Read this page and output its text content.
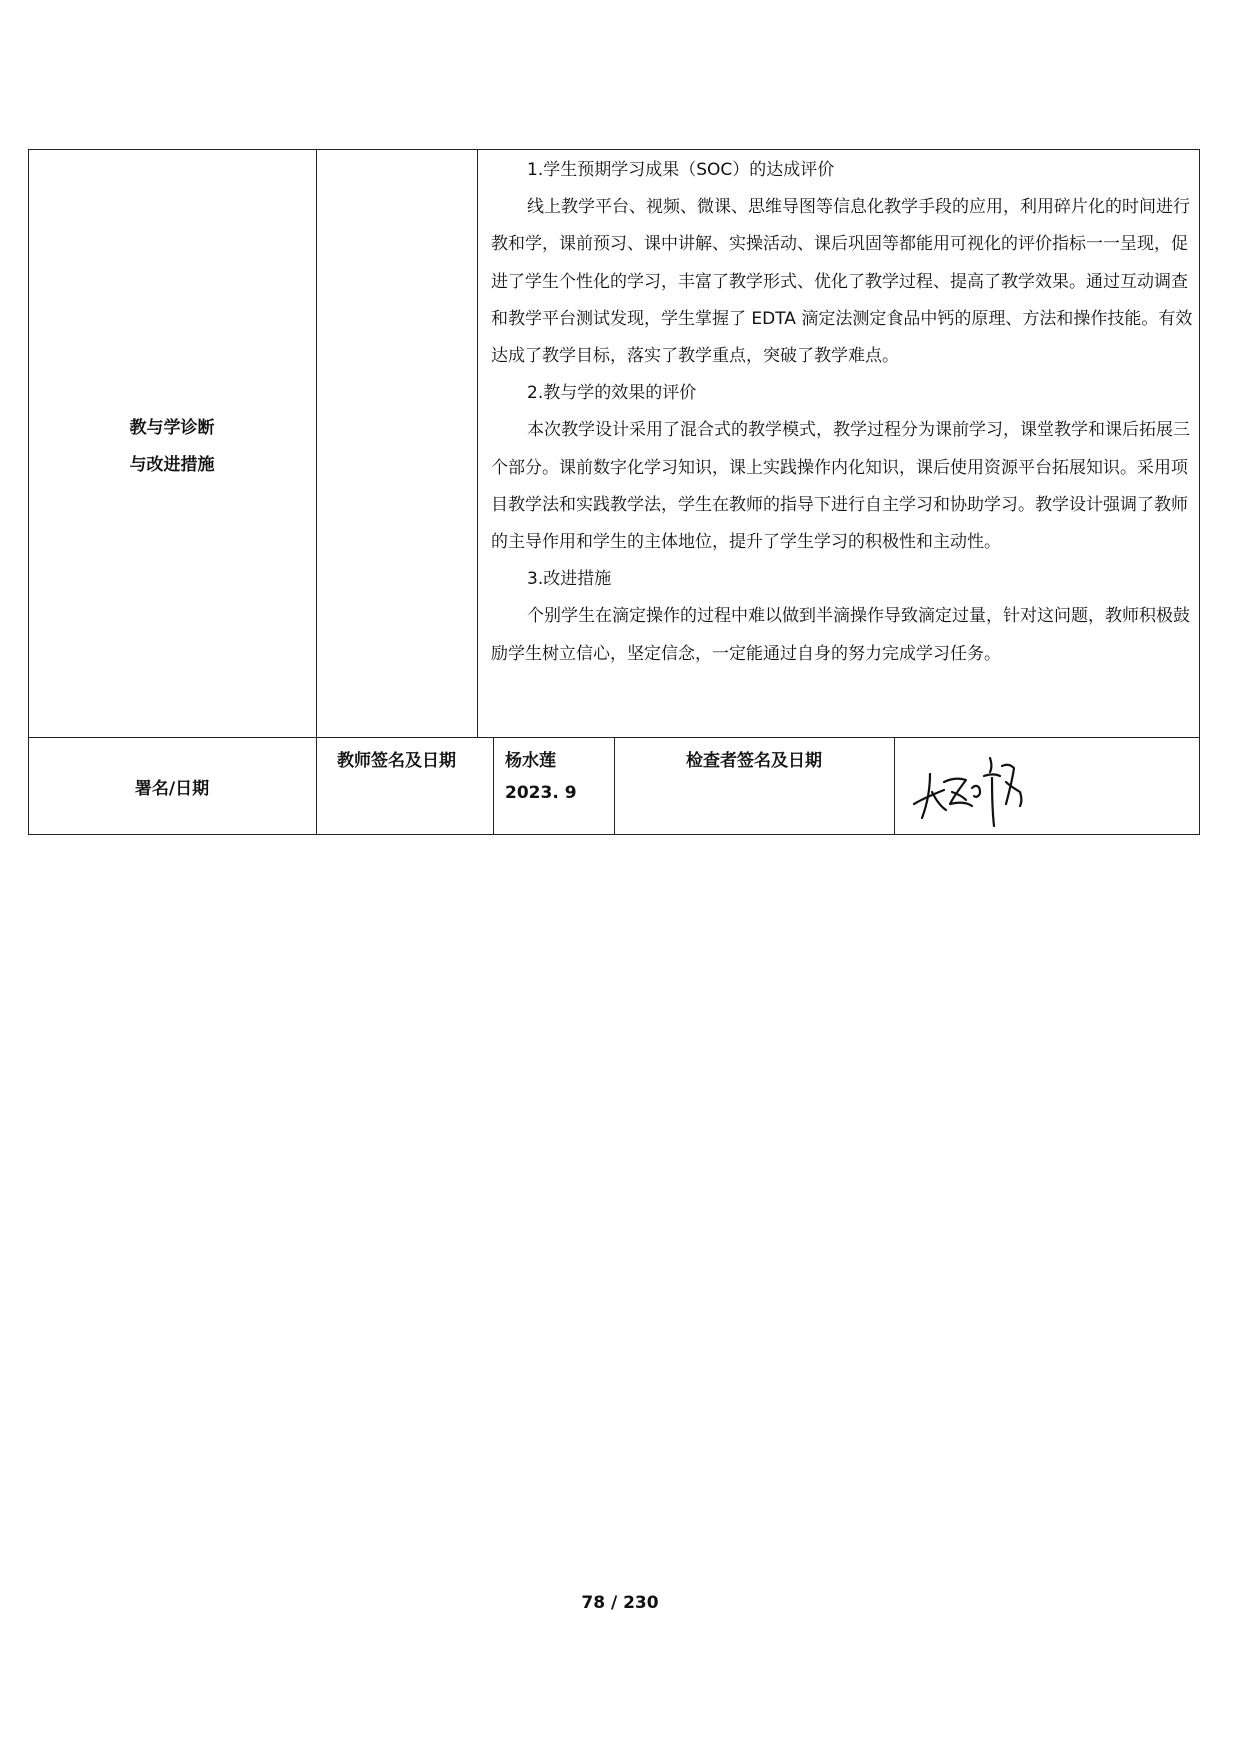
教与学诊断
与改进措施

1.学生预期学习成果（SOC）的达成评价

线上教学平台、视频、微课、思维导图等信息化教学手段的应用，利用碎片化的时间进行教和学，课前预习、课中讲解、实操活动、课后巩固等都能用可视化的评价指标一一呈现，促进了学生个性化的学习，丰富了教学形式、优化了教学过程、提高了教学效果。通过互动调查和教学平台测试发现，学生掌握了 EDTA 滴定法测定食品中钙的原理、方法和操作技能。有效达成了教学目标，落实了教学重点，突破了教学难点。

2.教与学的效果的评价

本次教学设计采用了混合式的教学模式，教学过程分为课前学习，课堂教学和课后拓展三个部分。课前数字化学习知识，课上实践操作内化知识，课后使用资源平台拓展知识。采用项目教学法和实践教学法，学生在教师的指导下进行自主学习和协助学习。教学设计强调了教师的主导作用和学生的主体地位，提升了学生学习的积极性和主动性。

3.改进措施

个别学生在滴定操作的过程中难以做到半滴操作导致滴定过量，针对这问题，教师积极鼓励学生树立信心，坚定信念，一定能通过自身的努力完成学习任务。

署名/日期
教师签名及日期	杨水莲
2023. 9
检查者签名及日期
78 / 230
